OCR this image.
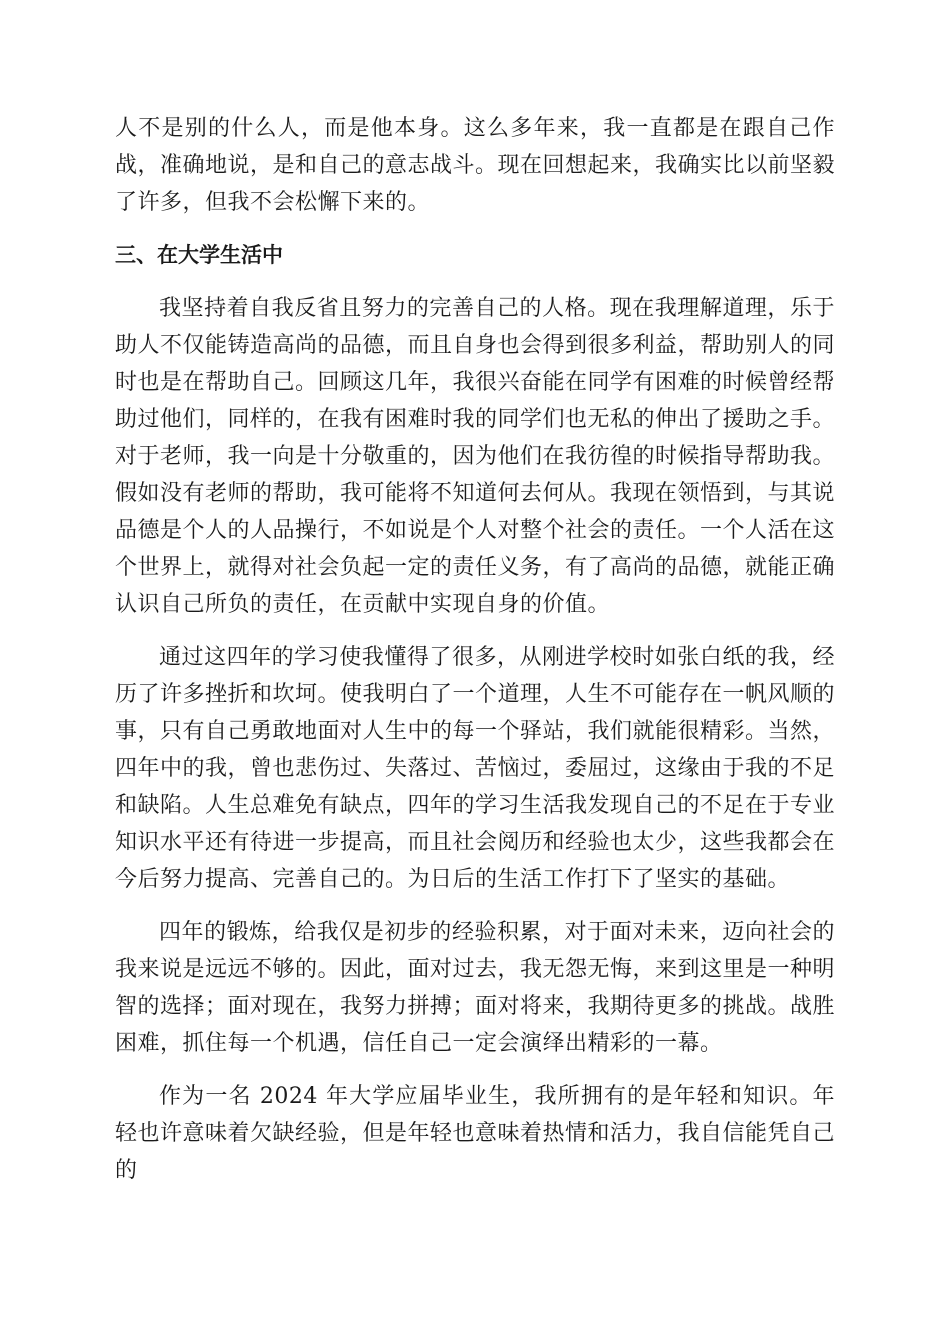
人不是别的什么人，而是他本身。这么多年来，我一直都是在跟自己作战，准确地说，是和自己的意志战斗。现在回想起来，我确实比以前坚毅了许多，但我不会松懈下来的。

三、在大学生活中

我坚持着自我反省且努力的完善自己的人格。现在我理解道理，乐于助人不仅能铸造高尚的品德，而且自身也会得到很多利益，帮助别人的同时也是在帮助自己。回顾这几年，我很兴奋能在同学有困难的时候曾经帮助过他们，同样的，在我有困难时我的同学们也无私的伸出了援助之手。对于老师，我一向是十分敬重的，因为他们在我彷徨的时候指导帮助我。假如没有老师的帮助，我可能将不知道何去何从。我现在领悟到，与其说品德是个人的人品操行，不如说是个人对整个社会的责任。一个人活在这个世界上，就得对社会负起一定的责任义务，有了高尚的品德，就能正确认识自己所负的责任，在贡献中实现自身的价值。

通过这四年的学习使我懂得了很多，从刚进学校时如张白纸的我，经历了许多挫折和坎坷。使我明白了一个道理，人生不可能存在一帆风顺的事，只有自己勇敢地面对人生中的每一个驿站，我们就能很精彩。当然，四年中的我，曾也悲伤过、失落过、苦恼过，委屈过，这缘由于我的不足和缺陷。人生总难免有缺点，四年的学习生活我发现自己的不足在于专业知识水平还有待进一步提高，而且社会阅历和经验也太少，这些我都会在今后努力提高、完善自己的。为日后的生活工作打下了坚实的基础。

四年的锻炼，给我仅是初步的经验积累，对于面对未来，迈向社会的我来说是远远不够的。因此，面对过去，我无怨无悔，来到这里是一种明智的选择；面对现在，我努力拼搏；面对将来，我期待更多的挑战。战胜困难，抓住每一个机遇，信任自己一定会演绎出精彩的一幕。

作为一名 2024 年大学应届毕业生，我所拥有的是年轻和知识。年轻也许意味着欠缺经验，但是年轻也意味着热情和活力，我自信能凭自己的
